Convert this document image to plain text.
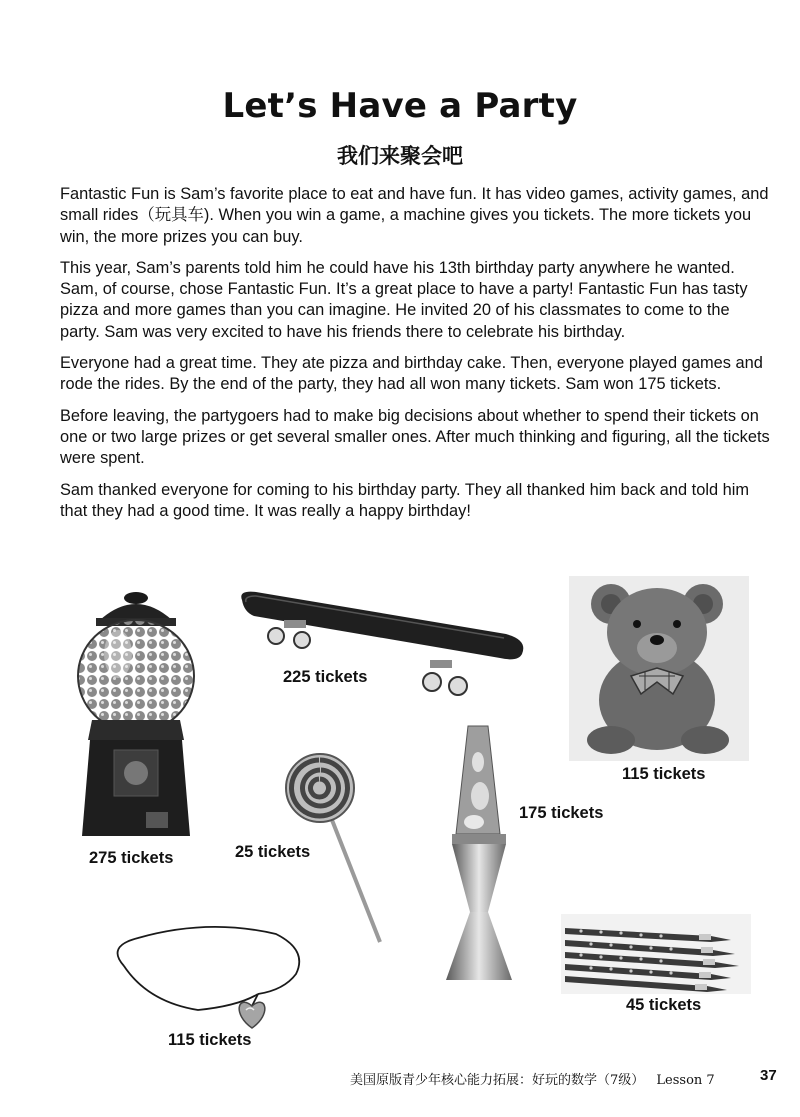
Let’s Have a Party
我们来聚会吧

Fantastic Fun is Sam’s favorite place to eat and have fun. It has video games, activity games, and small rides（玩具车). When you win a game, a machine gives you tickets. The more tickets you win, the more prizes you can buy.

This year, Sam’s parents told him he could have his 13th birthday party anywhere he wanted. Sam, of course, chose Fantastic Fun. It’s a great place to have a party! Fantastic Fun has tasty pizza and more games than you can imagine. He invited 20 of his classmates to come to the party. Sam was very excited to have his friends there to celebrate his birthday.

Everyone had a great time. They ate pizza and birthday cake. Then, everyone played games and rode the rides. By the end of the party, they had all won many tickets. Sam won 175 tickets.

Before leaving, the partygoers had to make big decisions about whether to spend their tickets on one or two large prizes or get several smaller ones. After much thinking and figuring, all the tickets were spent.

Sam thanked everyone for coming to his birthday party. They all thanked him back and told him that they had a good time. It was really a happy birthday!

275 tickets
225 tickets
115 tickets
25 tickets
175 tickets
115 tickets
45 tickets
美国原版青少年核心能力拓展：好玩的数学（7级） Lesson 7	37
